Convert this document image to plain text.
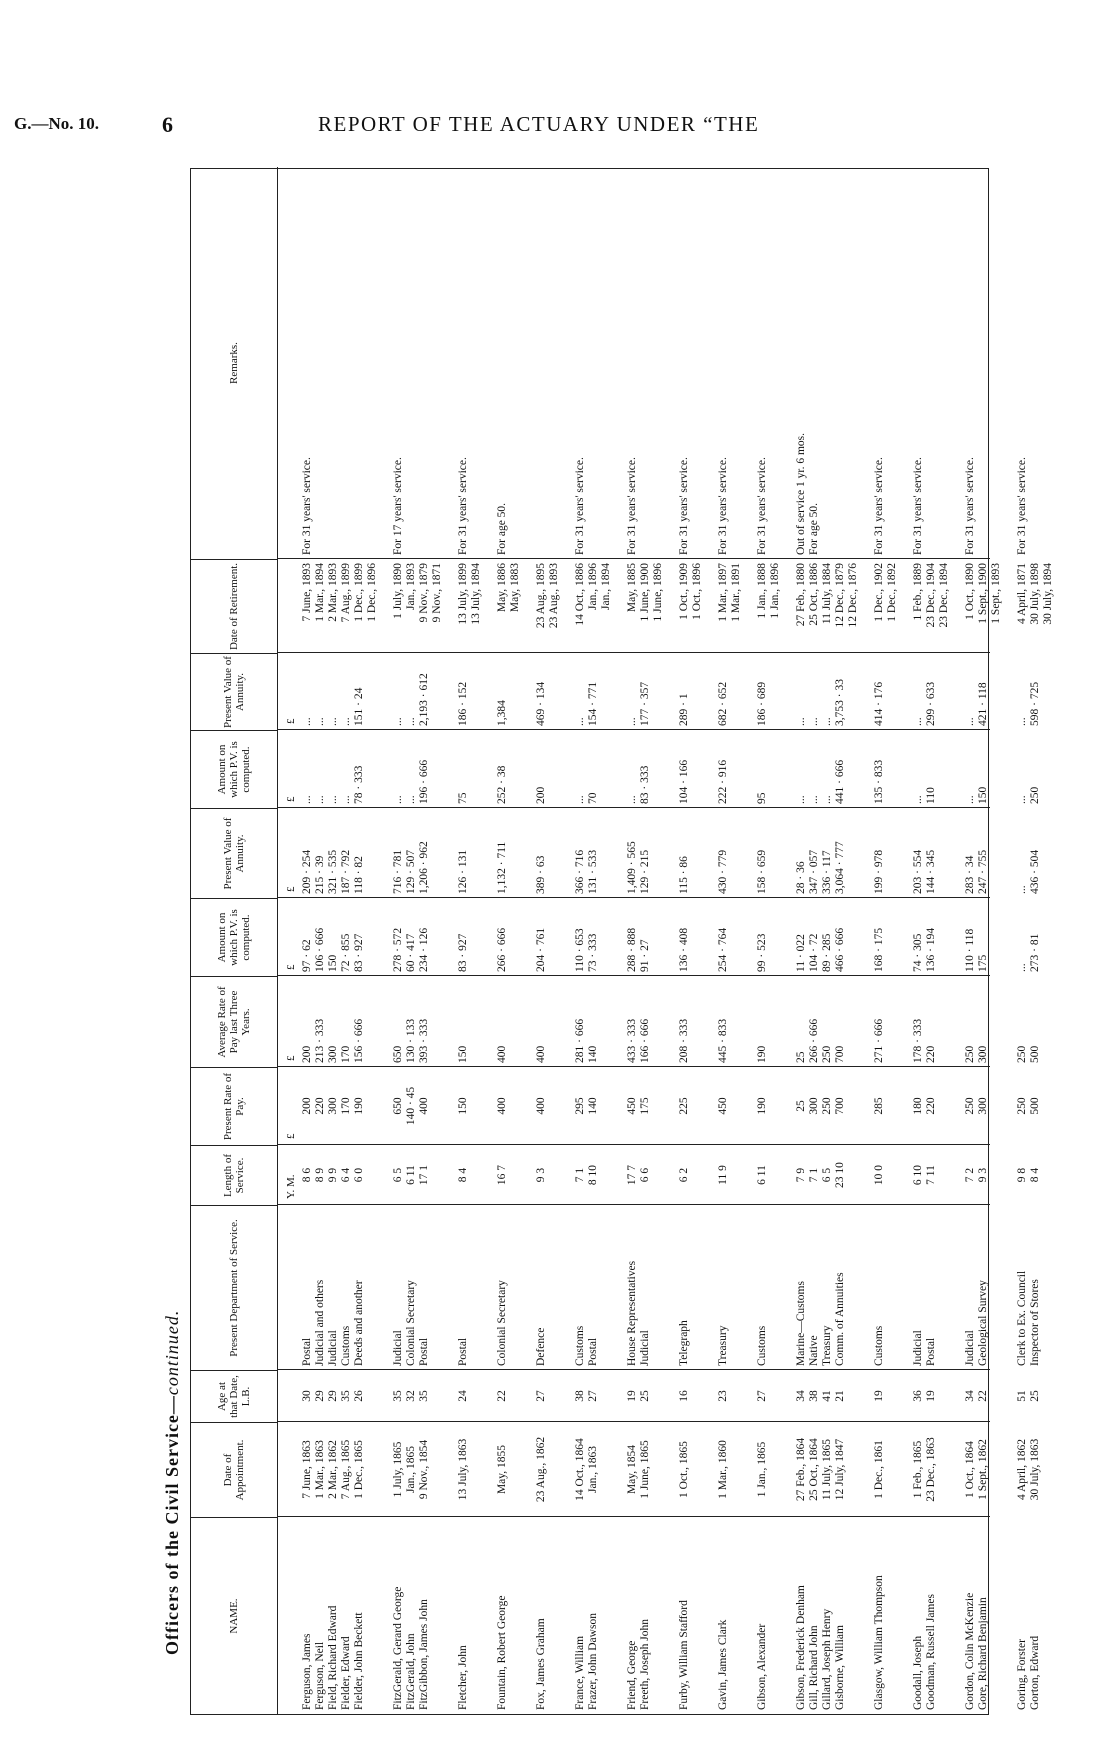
G.—No. 10.	6	REPORT OF THE ACTUARY UNDER “THE
Officers of the Civil Service—continued.
NAME.
Date of Appointment.
Age at that Date, L.B.
Present Department of Service.
Length of Service.
Present Rate of Pay.
Average Rate of Pay last Three Years.
Amount on which P.V. is computed.
Present Value of Annuity.
Amount on which P.V. is computed.
Present Value of Annuity.
Date of Retirement.
Remarks.
Y. M.
£
£
£
£
£
£
Ferguson, James Ferguson, Neil Field, Richard Edward Fielder, Edward Fielder, John Beckett
7 June, 1863 1 Mar., 1863 2 Mar., 1862 7 Aug., 1865 1 Dec., 1865
30 29 29 35 26
Postal Judicial and others Judicial Customs Deeds and another
8 6 8 9 9 9 6 4 6 0
200 220 300 170 190
200 213 · 333 300 170 156 · 666
97 · 62 106 · 666 150 72 · 855 83 · 927
209 · 254 215 · 39 321 · 535 187 · 792 118 · 82
... ... ... ... 78 · 333
... ... ... ... 151 · 24
7 June, 1893 1 Mar., 1894 2 Mar., 1893 7 Aug., 1899 1 Dec., 1899 1 Dec., 1896
For 31 years' service.
FitzGerald, Gerard George FitzGerald, John FitzGibbon, James John
1 July, 1865 Jan., 1865 9 Nov., 1854
35 32 35
Judicial Colonial Secretary Postal
6 5 6 11 17 1
650 140 · 45 400
650 130 · 133 393 · 333
278 · 572 60 · 417 234 · 126
716 · 781 129 · 507 1,206 · 962
... ... 196 · 666
... ... 2,193 · 612
1 July, 1890 Jan., 1893 9 Nov., 1879 9 Nov., 1871
For 17 years' service.
Fletcher, John
13 July, 1863
24
Postal
8 4
150
150
83 · 927
126 · 131
75
186 · 152
13 July, 1899 13 July, 1894
For 31 years' service.
Fountain, Robert George
May, 1855
22
Colonial Secretary
16 7
400
400
266 · 666
1,132 · 711
252 · 38
1,384
May, 1886 May, 1883
For age 50.
Fox, James Graham
23 Aug., 1862
27
Defence
9 3
400
400
204 · 761
389 · 63
200
469 · 134
23 Aug., 1895 23 Aug., 1893
France, William Frazer, John Dawson
14 Oct., 1864 Jan., 1863
38 27
Customs Postal
7 1 8 10
295 140
281 · 666 140
110 · 653 73 · 333
366 · 716 131 · 533
... 70
... 154 · 771
14 Oct., 1886 Jan., 1896 Jan., 1894
For 31 years' service.
Friend, George Freeth, Joseph John
May, 1854 1 June, 1865
19 25
House Representatives Judicial
17 7 6 6
450 175
433 · 333 166 · 666
288 · 888 91 · 27
1,409 · 565 129 · 215
... 83 · 333
... 177 · 357
May, 1885 1 June, 1900 1 June, 1896
For 31 years' service.
Furby, William Stafford
1 Oct., 1865
16
Telegraph
6 2
225
208 · 333
136 · 408
115 · 86
104 · 166
289 · 1
1 Oct., 1909 1 Oct., 1896
For 31 years' service.
Gavin, James Clark
1 Mar., 1860
23
Treasury
11 9
450
445 · 833
254 · 764
430 · 779
222 · 916
682 · 652
1 Mar., 1897 1 Mar., 1891
For 31 years' service.
Gibson, Alexander
1 Jan., 1865
27
Customs
6 11
190
190
99 · 523
158 · 659
95
186 · 689
1 Jan., 1888 1 Jan., 1896
For 31 years' service.
Gibson, Frederick Denham Gill, Richard John Gillard, Joseph Henry Gisborne, William
27 Feb., 1864 25 Oct., 1864 11 July, 1865 12 July, 1847
34 38 41 21
Marine—Customs Native Treasury Comm. of Annuities
7 9 7 1 6 5 23 10
25 300 250 700
25 266 · 666 250 700
11 · 022 104 · 72 89 · 285 466 · 666
28 · 36 347 · 057 336 · 117 3,064 · 777
... ... ... 441 · 666
... ... ... 3,753 · 33
27 Feb., 1880 25 Oct., 1886 11 July, 1884 12 Dec., 1879 12 Dec., 1876
Out of service 1 yr. 6 mos. For age 50.
Glasgow, William Thompson
1 Dec., 1861
19
Customs
10 0
285
271 · 666
168 · 175
199 · 978
135 · 833
414 · 176
1 Dec., 1902 1 Dec., 1892
For 31 years' service.
Goodall, Joseph Goodman, Russell James
1 Feb., 1865 23 Dec., 1863
36 19
Judicial Postal
6 10 7 11
180 220
178 · 333 220
74 · 305 136 · 194
203 · 554 144 · 345
... 110
... 299 · 633
1 Feb., 1889 23 Dec., 1904 23 Dec., 1894
For 31 years' service.
Gordon, Colin McKenzie Gore, Richard Benjamin
1 Oct., 1864 1 Sept., 1862
34 22
Judicial Geological Survey
7 2 9 3
250 300
250 300
110 · 118 175
283 · 34 247 · 755
... 150
... 421 · 118
1 Oct., 1890 1 Sept., 1900 1 Sept., 1893
For 31 years' service.
Goring, Forster Gorton, Edward
4 April, 1862 30 July, 1863
51 25
Clerk to Ex. Council Inspector of Stores
9 8 8 4
250 500
250 500
... 273 · 81
... 436 · 504
... 250
... 598 · 725
4 April, 1871 30 July, 1898 30 July, 1894
For 31 years' service.
